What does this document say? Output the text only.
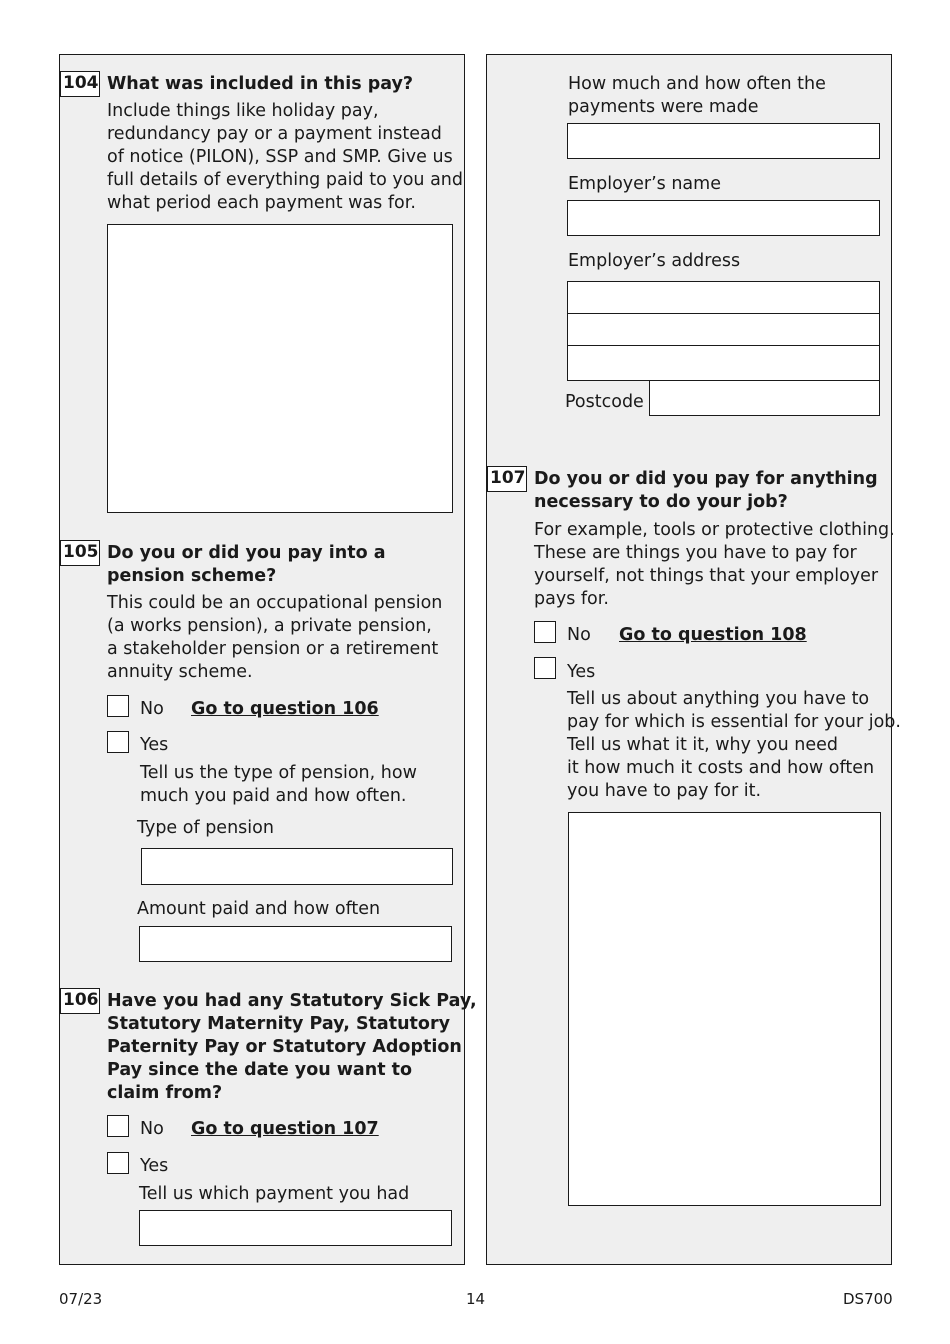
104 What was included in this pay?
Include things like holiday pay,
redundancy pay or a payment instead
of notice (PILON), SSP and SMP. Give us
full details of everything paid to you and
what period each payment was for.
105 Do you or did you pay into a
pension scheme?
This could be an occupational pension
(a works pension), a private pension,
a stakeholder pension or a retirement
annuity scheme.
No Go to question 106
Yes
Tell us the type of pension, how
much you paid and how often.
Type of pension
Amount paid and how often
106 Have you had any Statutory Sick Pay,
Statutory Maternity Pay, Statutory
Paternity Pay or Statutory Adoption
Pay since the date you want to
claim from?
No Go to question 107
Yes
Tell us which payment you had
How much and how often the
payments were made
Employer’s name
Employer’s address
Postcode
107 Do you or did you pay for anything
necessary to do your job?
For example, tools or protective clothing.
These are things you have to pay for
yourself, not things that your employer
pays for.
No Go to question 108
Yes
Tell us about anything you have to
pay for which is essential for your job.
Tell us what it it, why you need
it how much it costs and how often
you have to pay for it.
07/23	14	DS700
